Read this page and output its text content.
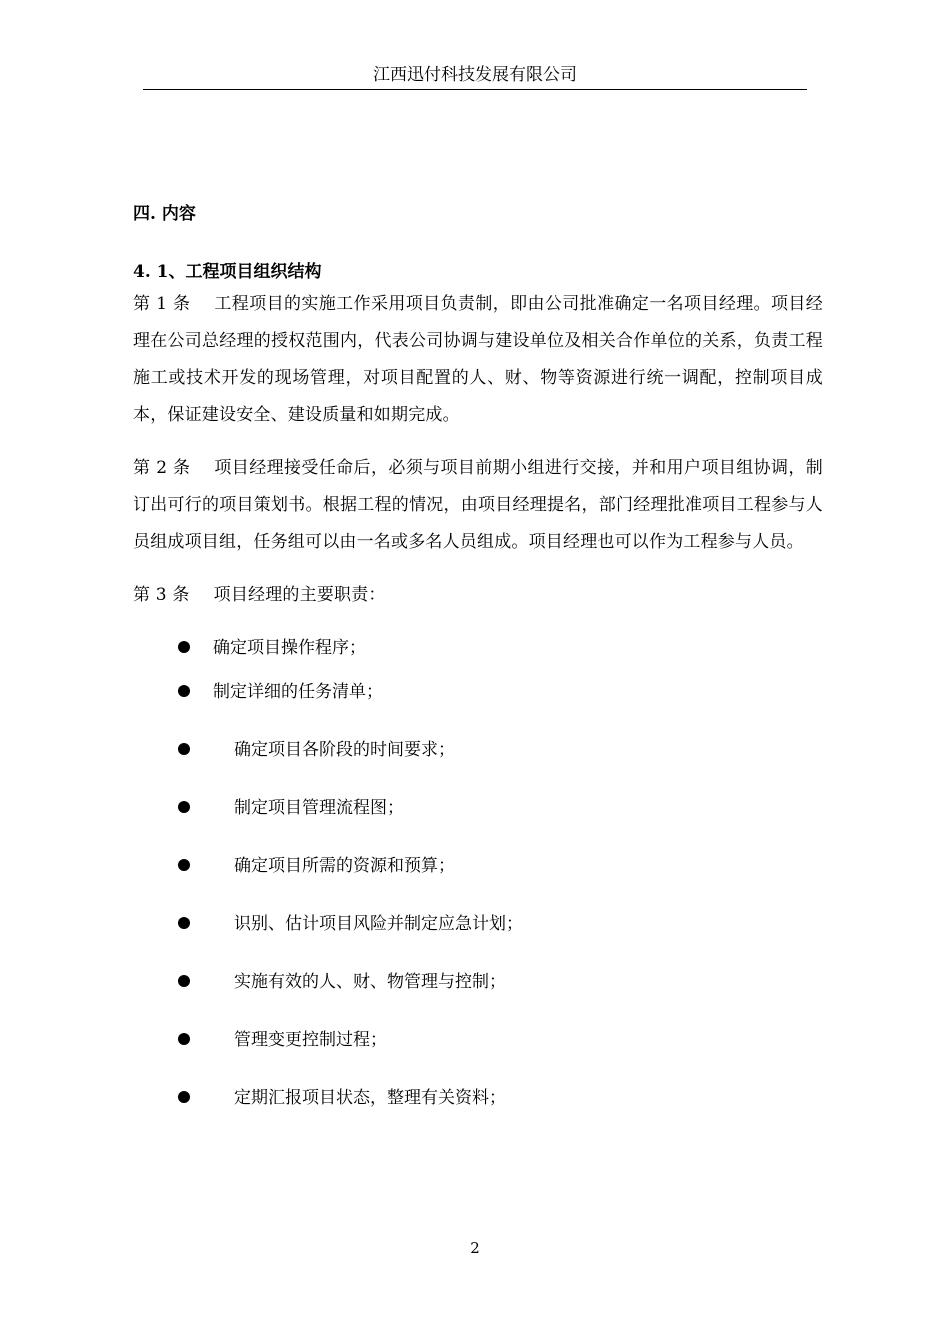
江西迅付科技发展有限公司

四. 内容

4. 1、工程项目组织结构

第 1 条 工程项目的实施工作采用项目负责制，即由公司批准确定一名项目经理。项目经理在公司总经理的授权范围内，代表公司协调与建设单位及相关合作单位的关系，负责工程施工或技术开发的现场管理，对项目配置的人、财、物等资源进行统一调配，控制项目成本，保证建设安全、建设质量和如期完成。

第 2 条 项目经理接受任命后，必须与项目前期小组进行交接，并和用户项目组协调，制订出可行的项目策划书。根据工程的情况，由项目经理提名，部门经理批准项目工程参与人员组成项目组，任务组可以由一名或多名人员组成。项目经理也可以作为工程参与人员。

第 3 条 项目经理的主要职责：

确定项目操作程序；
制定详细的任务清单；
确定项目各阶段的时间要求；
制定项目管理流程图；
确定项目所需的资源和预算；
识别、估计项目风险并制定应急计划；
实施有效的人、财、物管理与控制；
管理变更控制过程；
定期汇报项目状态，整理有关资料；
2
